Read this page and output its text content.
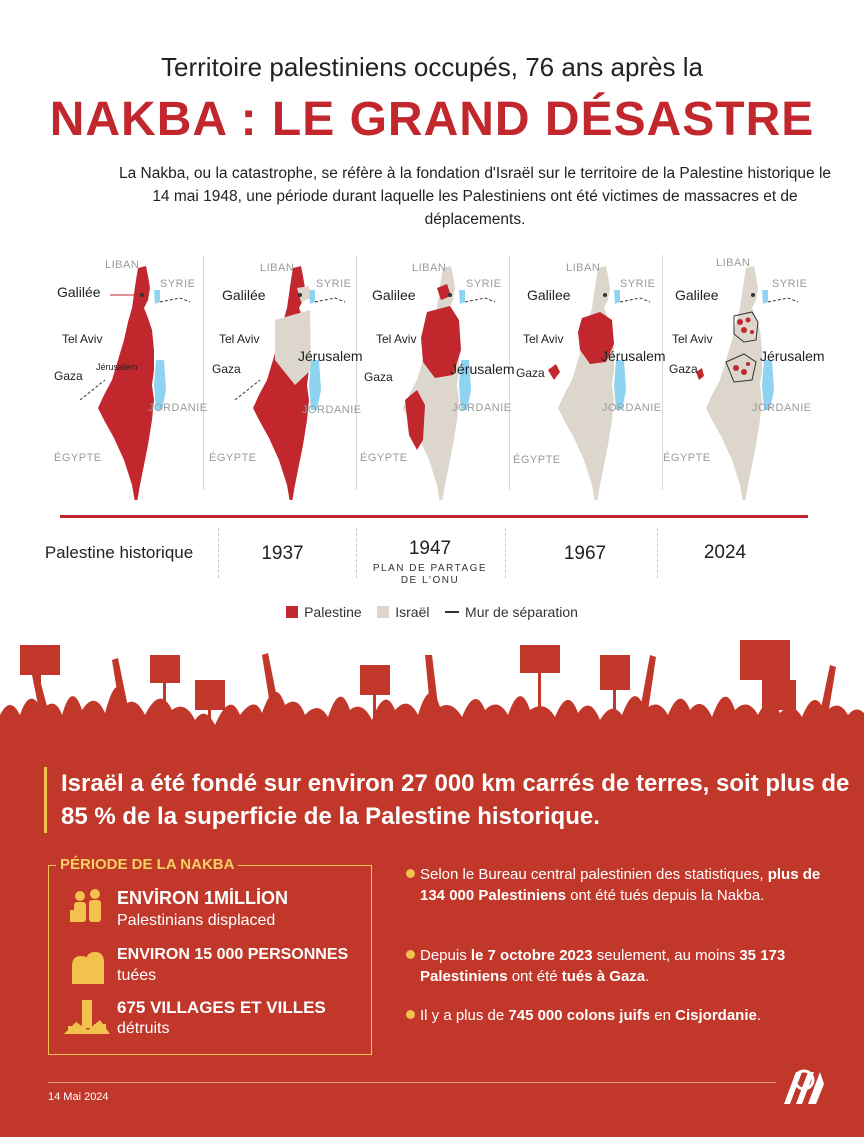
Territoire palestiniens occupés, 76 ans après la
NAKBA : LE GRAND DÉSASTRE
La Nakba, ou la catastrophe, se réfère à la fondation d'Israël sur le territoire de la Palestine historique le 14 mai 1948, une période durant laquelle les Palestiniens ont été victimes de massacres et de déplacements.
LIBAN
SYRIE
JORDANIE
ÉGYPTE
Galilée
Tel Aviv
Jérusalem
Gaza
LIBAN
SYRIE
JORDANIE
ÉGYPTE
Galilée
Tel Aviv
Jérusalem
Gaza
LIBAN
SYRIE
JORDANIE
ÉGYPTE
Galilee
Tel Aviv
Jérusalem
Gaza
LIBAN
SYRIE
JORDANIE
ÉGYPTE
Galilee
Tel Aviv
Jérusalem
Gaza
LIBAN
SYRIE
JORDANIE
ÉGYPTE
Galilee
Tel Aviv
Jérusalem
Gaza
Palestine historique	1937	1947
PLAN DE PARTAGE DE L'ONU
1967	2024
Palestine Israël	Mur de séparation
Israël a été fondé sur environ 27 000 km carrés de terres, soit plus de 85 % de la superficie de la Palestine historique.
PÉRIODE DE LA NAKBA
ENVİRON 1MİLLİON
Palestinians displaced
ENVIRON 15 000 PERSONNES
tuées
675 VILLAGES ET VILLES
détruits
Selon le Bureau central palestinien des statistiques, plus de 134 000 Palestiniens ont été tués depuis la Nakba.
Depuis le 7 octobre 2023 seulement, au moins 35 173 Palestiniens ont été tués à Gaza.
Il y a plus de 745 000 colons juifs en Cisjordanie.
14 Mai 2024
